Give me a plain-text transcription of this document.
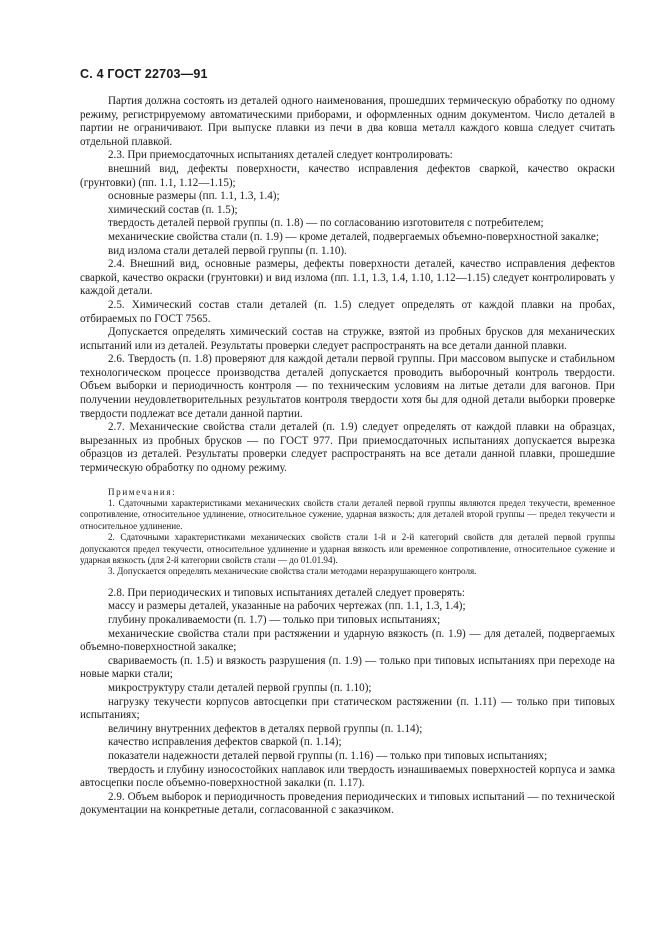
С. 4 ГОСТ 22703—91

Партия должна состоять из деталей одного наименования, прошедших термическую обработку по одному режиму, регистрируемому автоматическими приборами, и оформленных одним документом. Число деталей в партии не ограничивают. При выпуске плавки из печи в два ковша металл каждого ковша следует считать отдельной плавкой.

2.3. При приемосдаточных испытаниях деталей следует контролировать:

внешний вид, дефекты поверхности, качество исправления дефектов сваркой, качество окраски (грунтовки) (пп. 1.1, 1.12—1.15);

основные размеры (пп. 1.1, 1.3, 1.4);

химический состав (п. 1.5);

твердость деталей первой группы (п. 1.8) — по согласованию изготовителя с потребителем;

механические свойства стали (п. 1.9) — кроме деталей, подвергаемых объемно-поверхностной закалке;

вид излома стали деталей первой группы (п. 1.10).

2.4. Внешний вид, основные размеры, дефекты поверхности деталей, качество исправления дефектов сваркой, качество окраски (грунтовки) и вид излома (пп. 1.1, 1.3, 1.4, 1.10, 1.12—1.15) следует контролировать у каждой детали.

2.5. Химический состав стали деталей (п. 1.5) следует определять от каждой плавки на пробах, отбираемых по ГОСТ 7565.

Допускается определять химический состав на стружке, взятой из пробных брусков для механических испытаний или из деталей. Результаты проверки следует распространять на все детали данной плавки.

2.6. Твердость (п. 1.8) проверяют для каждой детали первой группы. При массовом выпуске и стабильном технологическом процессе производства деталей допускается проводить выборочный контроль твердости. Объем выборки и периодичность контроля — по техническим условиям на литые детали для вагонов. При получении неудовлетворительных результатов контроля твердости хотя бы для одной детали выборки проверке твердости подлежат все детали данной партии.

2.7. Механические свойства стали деталей (п. 1.9) следует определять от каждой плавки на образцах, вырезанных из пробных брусков — по ГОСТ 977. При приемосдаточных испытаниях допускается вырезка образцов из деталей. Результаты проверки следует распространять на все детали данной плавки, прошедшие термическую обработку по одному режиму.

Примечания:

1. Сдаточными характеристиками механических свойств стали деталей первой группы являются предел текучести, временное сопротивление, относительное удлинение, относительное сужение, ударная вязкость; для деталей второй группы — предел текучести и относительное удлинение.

2. Сдаточными характеристиками механических свойств стали 1-й и 2-й категорий свойств для деталей первой группы допускаются предел текучести, относительное удлинение и ударная вязкость или временное сопротивление, относительное сужение и ударная вязкость (для 2-й категории свойств стали — до 01.01.94).

3. Допускается определять механические свойства стали методами неразрушающего контроля.

2.8. При периодических и типовых испытаниях деталей следует проверять:

массу и размеры деталей, указанные на рабочих чертежах (пп. 1.1, 1.3, 1.4);

глубину прокаливаемости (п. 1.7) — только при типовых испытаниях;

механические свойства стали при растяжении и ударную вязкость (п. 1.9) — для деталей, подвергаемых объемно-поверхностной закалке;

свариваемость (п. 1.5) и вязкость разрушения (п. 1.9) — только при типовых испытаниях при переходе на новые марки стали;

микроструктуру стали деталей первой группы (п. 1.10);

нагрузку текучести корпусов автосцепки при статическом растяжении (п. 1.11) — только при типовых испытаниях;

величину внутренних дефектов в деталях первой группы (п. 1.14);

качество исправления дефектов сваркой (п. 1.14);

показатели надежности деталей первой группы (п. 1.16) — только при типовых испытаниях;

твердость и глубину износостойких наплавок или твердость изнашиваемых поверхностей корпуса и замка автосцепки после объемно-поверхностной закалки (п. 1.17).

2.9. Объем выборок и периодичность проведения периодических и типовых испытаний — по технической документации на конкретные детали, согласованной с заказчиком.
